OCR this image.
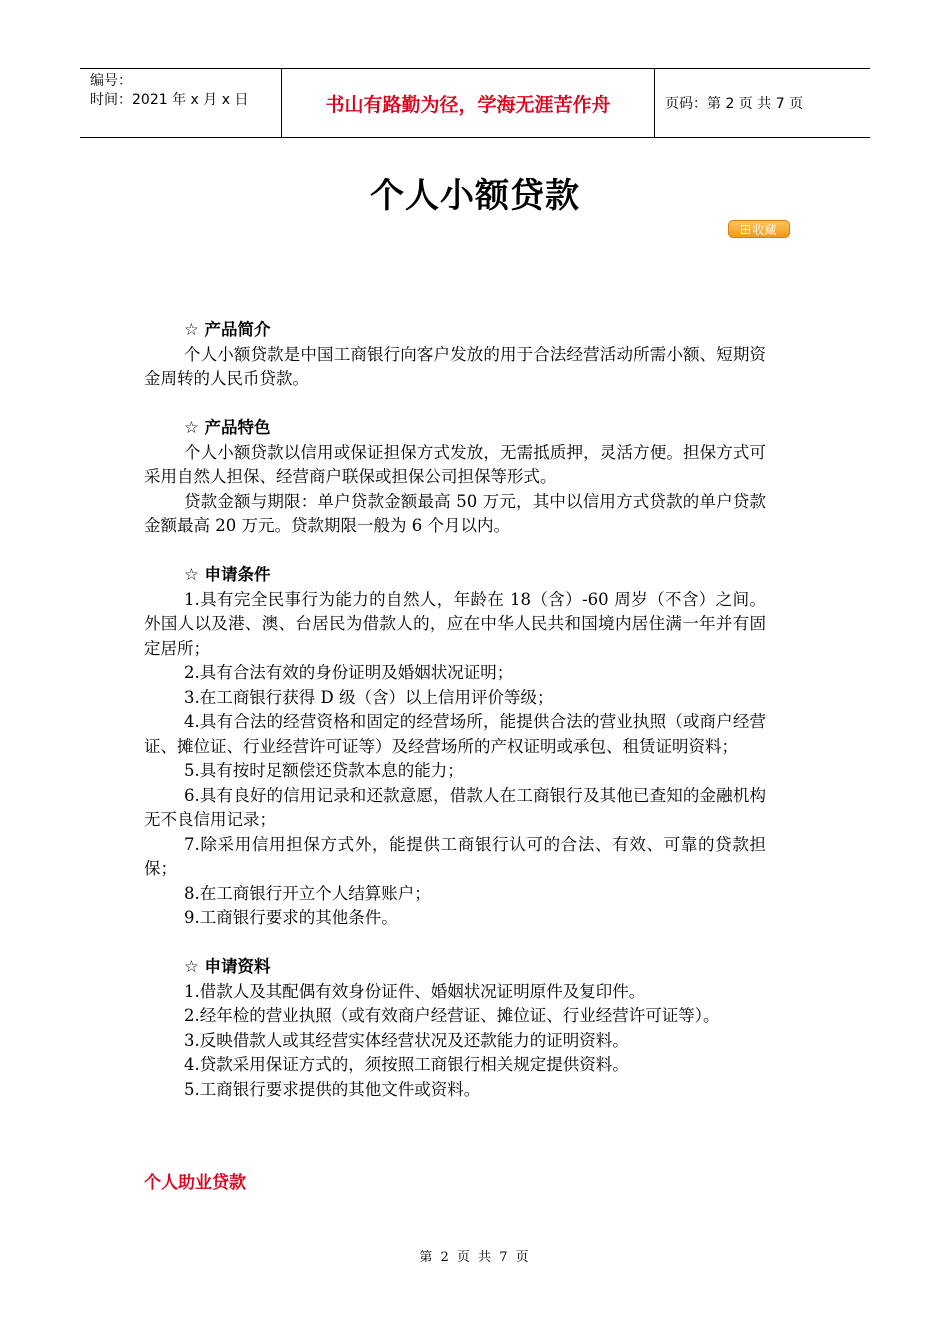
编号：
时间：2021 年 x 月 x 日	书山有路勤为径，学海无涯苦作舟	页码：第 2 页 共 7 页
个人小额贷款
收藏
☆ 产品简介

个人小额贷款是中国工商银行向客户发放的用于合法经营活动所需小额、短期资金周转的人民币贷款。

☆ 产品特色

个人小额贷款以信用或保证担保方式发放，无需抵质押，灵活方便。担保方式可采用自然人担保、经营商户联保或担保公司担保等形式。

贷款金额与期限：单户贷款金额最高 50 万元，其中以信用方式贷款的单户贷款金额最高 20 万元。贷款期限一般为 6 个月以内。

☆ 申请条件

1.具有完全民事行为能力的自然人，年龄在 18（含）-60 周岁（不含）之间。外国人以及港、澳、台居民为借款人的，应在中华人民共和国境内居住满一年并有固定居所；

2.具有合法有效的身份证明及婚姻状况证明；

3.在工商银行获得 D 级（含）以上信用评价等级；

4.具有合法的经营资格和固定的经营场所，能提供合法的营业执照（或商户经营证、摊位证、行业经营许可证等）及经营场所的产权证明或承包、租赁证明资料；

5.具有按时足额偿还贷款本息的能力；

6.具有良好的信用记录和还款意愿，借款人在工商银行及其他已查知的金融机构无不良信用记录；

7.除采用信用担保方式外，能提供工商银行认可的合法、有效、可靠的贷款担保；

8.在工商银行开立个人结算账户；

9.工商银行要求的其他条件。

☆ 申请资料

1.借款人及其配偶有效身份证件、婚姻状况证明原件及复印件。

2.经年检的营业执照（或有效商户经营证、摊位证、行业经营许可证等）。

3.反映借款人或其经营实体经营状况及还款能力的证明资料。

4.贷款采用保证方式的，须按照工商银行相关规定提供资料。

5.工商银行要求提供的其他文件或资料。

个人助业贷款
第 2 页 共 7 页
